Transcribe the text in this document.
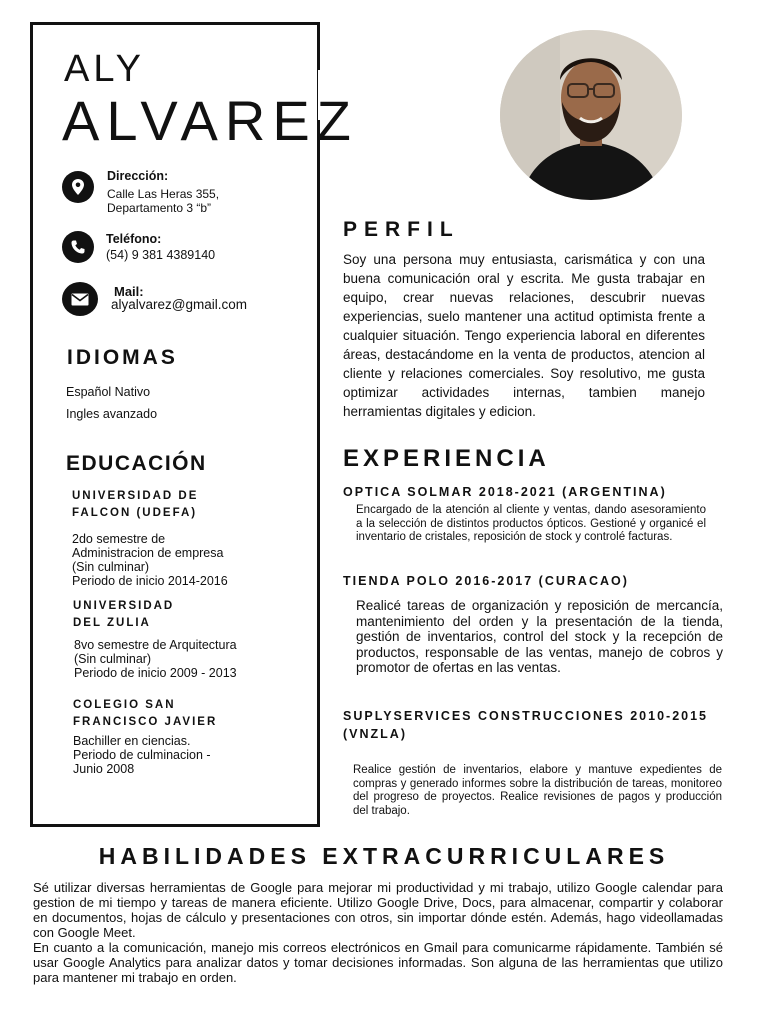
ALY
ALVAREZ
Dirección:
Calle Las Heras 355,
Departamento 3 “b”
Teléfono:
(54) 9 381 4389140
Mail:
alyalvarez@gmail.com
IDIOMAS
Español Nativo
Ingles avanzado
EDUCACIÓN
UNIVERSIDAD DE
FALCON (UDEFA)
2do semestre de
Administracion de empresa
(Sin culminar)
Periodo de inicio 2014-2016
UNIVERSIDAD
DEL ZULIA
8vo semestre de Arquitectura
(Sin culminar)
Periodo de inicio 2009 - 2013
COLEGIO SAN
FRANCISCO JAVIER
Bachiller en ciencias.
Periodo de culminacion -
Junio 2008
PERFIL
Soy una persona muy entusiasta, carismática y con una buena comunicación oral y escrita. Me gusta trabajar en equipo, crear nuevas relaciones, descubrir nuevas experiencias, suelo mantener una actitud optimista frente a cualquier situación. Tengo experiencia laboral en diferentes áreas, destacándome en la venta de productos, atencion al cliente y relaciones comerciales. Soy resolutivo, me gusta optimizar actividades internas, tambien manejo herramientas digitales y edicion.
EXPERIENCIA
OPTICA SOLMAR 2018-2021 (ARGENTINA)
Encargado de la atención al cliente y ventas, dando asesoramiento a la selección de distintos productos ópticos. Gestioné y organicé el inventario de cristales, reposición de stock y controlé facturas.
TIENDA POLO 2016-2017 (CURACAO)
Realicé tareas de organización y reposición de mercancía, mantenimiento del orden y la presentación de la tienda, gestión de inventarios, control del stock y la recepción de productos, responsable de las ventas, manejo de cobros y promotor de ofertas en las ventas.
SUPLYSERVICES CONSTRUCCIONES 2010-2015
(VNZLA)
Realice gestión de inventarios, elabore y mantuve expedientes de compras y generado informes sobre la distribución de tareas, monitoreo del progreso de proyectos. Realice revisiones de pagos y producción del trabajo.
HABILIDADES EXTRACURRICULARES
Sé utilizar diversas herramientas de Google para mejorar mi productividad y mi trabajo, utilizo Google calendar para gestion de mi tiempo y tareas de manera eficiente. Utilizo Google Drive, Docs, para almacenar, compartir y colaborar en documentos, hojas de cálculo y presentaciones con otros, sin importar dónde estén. Además, hago videollamadas con Google Meet.
En cuanto a la comunicación, manejo mis correos electrónicos en Gmail para comunicarme rápidamente. También sé usar Google Analytics para analizar datos y tomar decisiones informadas. Son alguna de las herramientas que utilizo para mantener mi trabajo en orden.
